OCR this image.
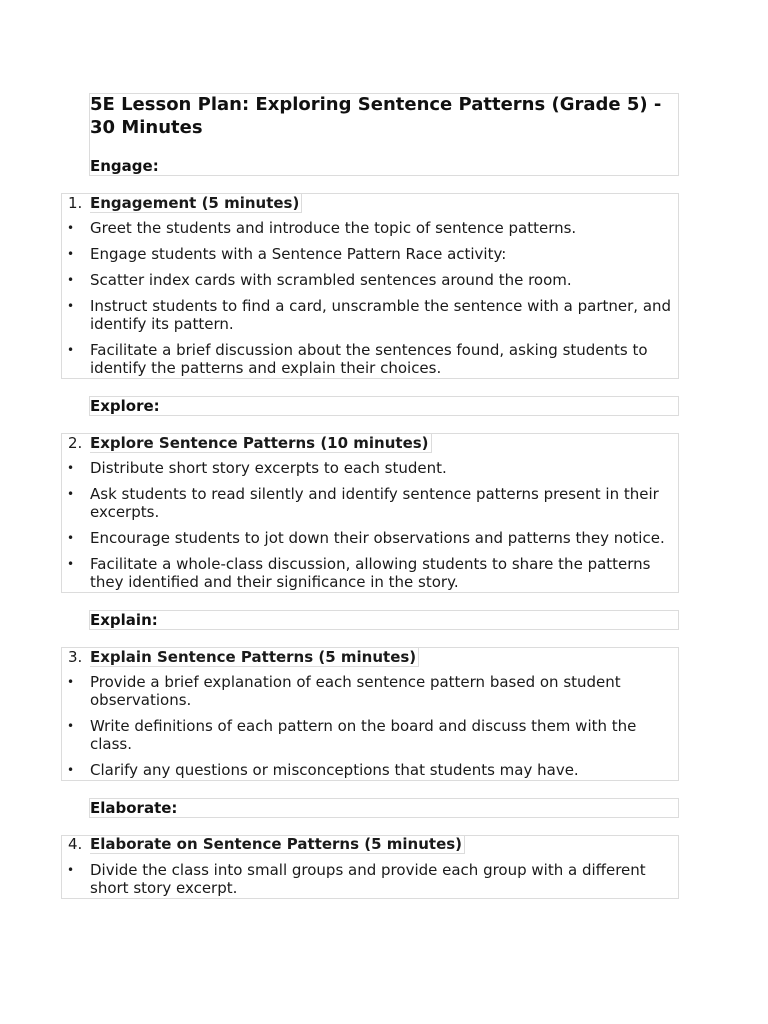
5E Lesson Plan: Exploring Sentence Patterns (Grade 5) - 30 Minutes
Engage:
1. Engagement (5 minutes)
• Greet the students and introduce the topic of sentence patterns.
• Engage students with a Sentence Pattern Race activity:
• Scatter index cards with scrambled sentences around the room.
• Instruct students to find a card, unscramble the sentence with a partner, and identify its pattern.
• Facilitate a brief discussion about the sentences found, asking students to identify the patterns and explain their choices.
Explore:
2. Explore Sentence Patterns (10 minutes)
• Distribute short story excerpts to each student.
• Ask students to read silently and identify sentence patterns present in their excerpts.
• Encourage students to jot down their observations and patterns they notice.
• Facilitate a whole-class discussion, allowing students to share the patterns they identified and their significance in the story.
Explain:
3. Explain Sentence Patterns (5 minutes)
• Provide a brief explanation of each sentence pattern based on student observations.
• Write definitions of each pattern on the board and discuss them with the class.
• Clarify any questions or misconceptions that students may have.
Elaborate:
4. Elaborate on Sentence Patterns (5 minutes)
• Divide the class into small groups and provide each group with a different short story excerpt.
